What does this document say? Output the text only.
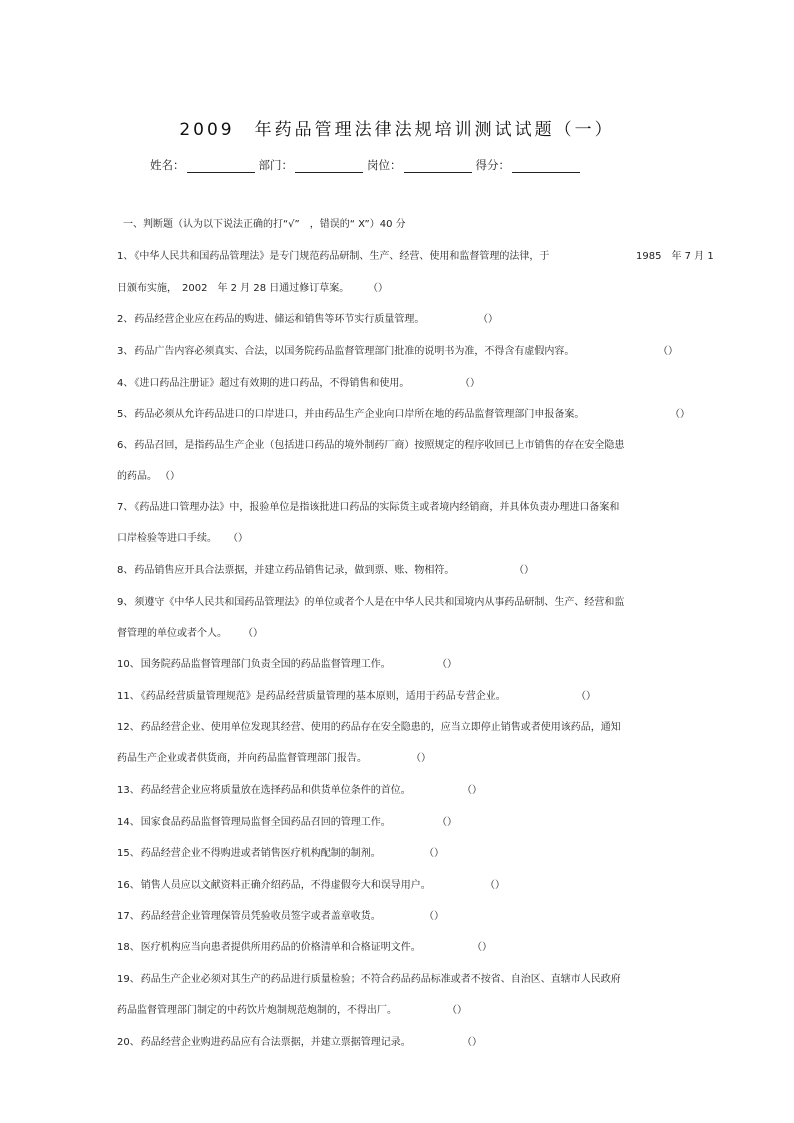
2009　年药品管理法律法规培训测试试题（一）
姓名：	部门：	岗位：	得分：
一、判断题（认为以下说法正确的打“√”　，错误的“ X”）40 分
1、《中华人民共和国药品管理法》是专门规范药品研制、生产、经营、使用和监督管理的法律，于	1985　年 7 月 1
日颁布实施，　2002　年 2 月 28 日通过修订草案。 （）
2、药品经营企业应在药品的购进、储运和销售等环节实行质量管理。	（）
3、药品广告内容必须真实、合法，以国务院药品监督管理部门批准的说明书为准，不得含有虚假内容。	（）
4、《进口药品注册证》超过有效期的进口药品，不得销售和使用。	（）
5、药品必须从允许药品进口的口岸进口，并由药品生产企业向口岸所在地的药品监督管理部门申报备案。	（）
6、药品召回，是指药品生产企业（包括进口药品的境外制药厂商）按照规定的程序收回已上市销售的存在安全隐患
的药品。 （）
7、《药品进口管理办法》中，报验单位是指该批进口药品的实际货主或者境内经销商，并具体负责办理进口备案和
口岸检验等进口手续。 （）
8、药品销售应开具合法票据，并建立药品销售记录，做到票、账、物相符。	（）
9、须遵守《中华人民共和国药品管理法》的单位或者个人是在中华人民共和国境内从事药品研制、生产、经营和监
督管理的单位或者个人。 （）
10、国务院药品监督管理部门负责全国的药品监督管理工作。	（）
11、《药品经营质量管理规范》是药品经营质量管理的基本原则，适用于药品专营企业。	（）
12、药品经营企业、使用单位发现其经营、使用的药品存在安全隐患的，应当立即停止销售或者使用该药品，通知
药品生产企业或者供货商，并向药品监督管理部门报告。	（）
13、药品经营企业应将质量放在选择药品和供货单位条件的首位。	（）
14、国家食品药品监督管理局监督全国药品召回的管理工作。	（）
15、药品经营企业不得购进或者销售医疗机构配制的制剂。	（）
16、销售人员应以文献资料正确介绍药品，不得虚假夸大和误导用户。	（）
17、药品经营企业管理保管员凭验收员签字或者盖章收货。	（）
18、医疗机构应当向患者提供所用药品的价格清单和合格证明文件。	（）
19、药品生产企业必须对其生产的药品进行质量检验；不符合药品药品标准或者不按省、自治区、直辖市人民政府
药品监督管理部门制定的中药饮片炮制规范炮制的，不得出厂。	（）
20、药品经营企业购进药品应有合法票据，并建立票据管理记录。	（）
